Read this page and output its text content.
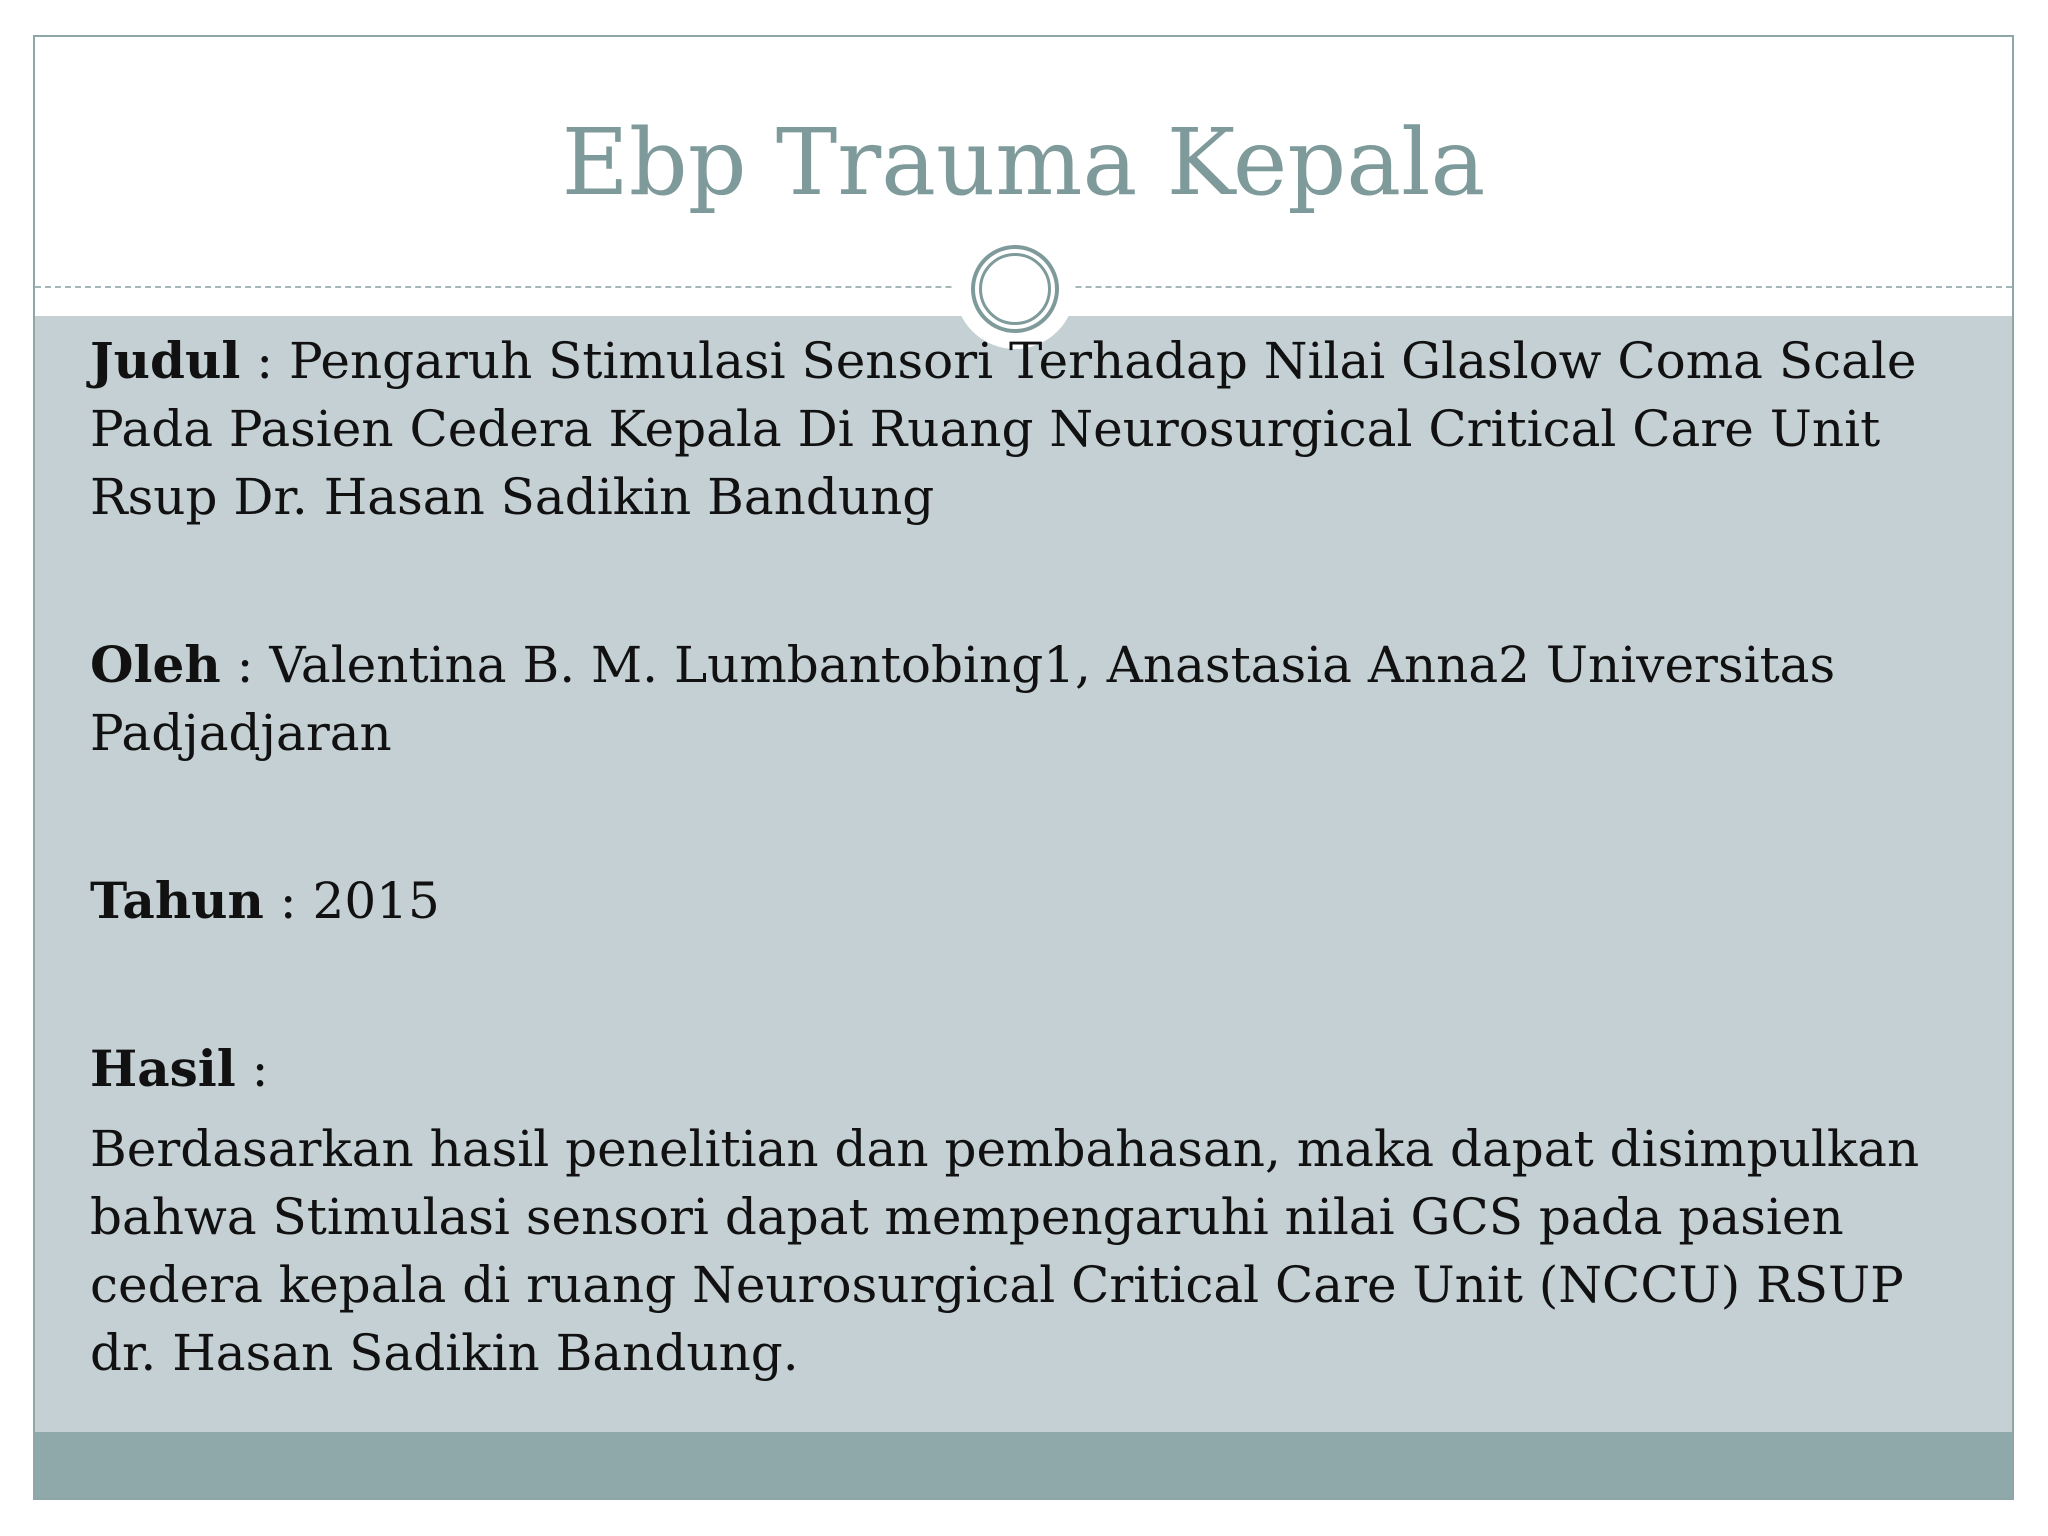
Ebp Trauma Kepala

Judul : Pengaruh Stimulasi Sensori Terhadap Nilai Glaslow Coma Scale Pada Pasien Cedera Kepala Di Ruang Neurosurgical Critical Care Unit Rsup Dr. Hasan Sadikin Bandung

Oleh : Valentina B. M. Lumbantobing1, Anastasia Anna2 Universitas Padjadjaran

Tahun : 2015

Hasil :
Berdasarkan hasil penelitian dan pembahasan, maka dapat disimpulkan bahwa Stimulasi sensori dapat mempengaruhi nilai GCS pada pasien cedera kepala di ruang Neurosurgical Critical Care Unit (NCCU) RSUP dr. Hasan Sadikin Bandung.
